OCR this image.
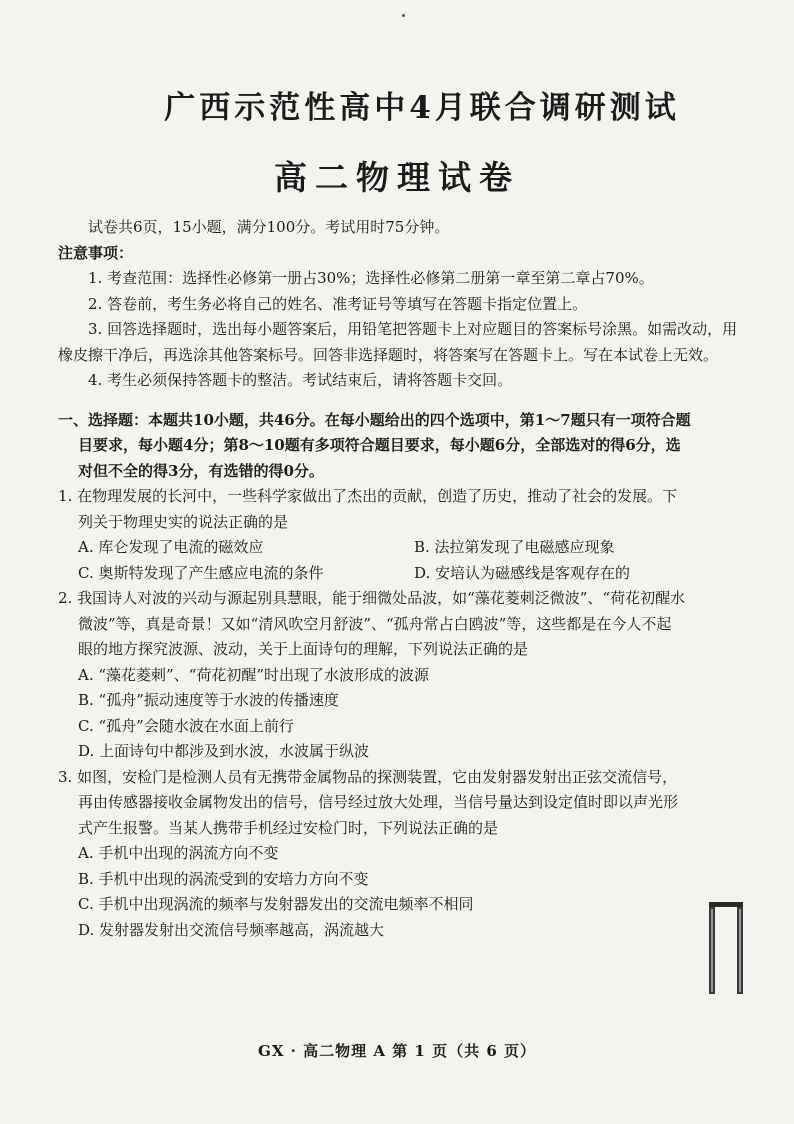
广西示范性高中4月联合调研测试
高二物理试卷
试卷共6页，15小题，满分100分。考试用时75分钟。
注意事项：
1. 考查范围：选择性必修第一册占30%；选择性必修第二册第一章至第二章占70%。
2. 答卷前，考生务必将自己的姓名、准考证号等填写在答题卡指定位置上。
3. 回答选择题时，选出每小题答案后，用铅笔把答题卡上对应题目的答案标号涂黑。如需改动，用橡皮擦干净后，再选涂其他答案标号。回答非选择题时，将答案写在答题卡上。写在本试卷上无效。
4. 考生必须保持答题卡的整洁。考试结束后，请将答题卡交回。
一、选择题：本题共10小题，共46分。在每小题给出的四个选项中，第1～7题只有一项符合题
目要求，每小题4分；第8～10题有多项符合题目要求，每小题6分，全部选对的得6分，选
对但不全的得3分，有选错的得0分。
1. 在物理发展的长河中，一些科学家做出了杰出的贡献，创造了历史，推动了社会的发展。下
列关于物理史实的说法正确的是
A. 库仑发现了电流的磁效应	B. 法拉第发现了电磁感应现象
C. 奥斯特发现了产生感应电流的条件	D. 安培认为磁感线是客观存在的
2. 我国诗人对波的兴动与源起别具慧眼，能于细微处品波，如“藻花菱刺泛微波”、“荷花初醒水
微波”等，真是奇景！又如“清风吹空月舒波”、“孤舟常占白鸥波”等，这些都是在今人不起
眼的地方探究波源、波动，关于上面诗句的理解，下列说法正确的是
A. “藻花菱刺”、“荷花初醒”时出现了水波形成的波源
B. “孤舟”振动速度等于水波的传播速度
C. “孤舟”会随水波在水面上前行
D. 上面诗句中都涉及到水波，水波属于纵波
3. 如图，安检门是检测人员有无携带金属物品的探测装置，它由发射器发射出正弦交流信号，
再由传感器接收金属物发出的信号，信号经过放大处理，当信号量达到设定值时即以声光形
式产生报警。当某人携带手机经过安检门时，下列说法正确的是
A. 手机中出现的涡流方向不变
B. 手机中出现的涡流受到的安培力方向不变
C. 手机中出现涡流的频率与发射器发出的交流电频率不相同
D. 发射器发射出交流信号频率越高，涡流越大
GX · 高二物理 A 第 1 页（共 6 页）
